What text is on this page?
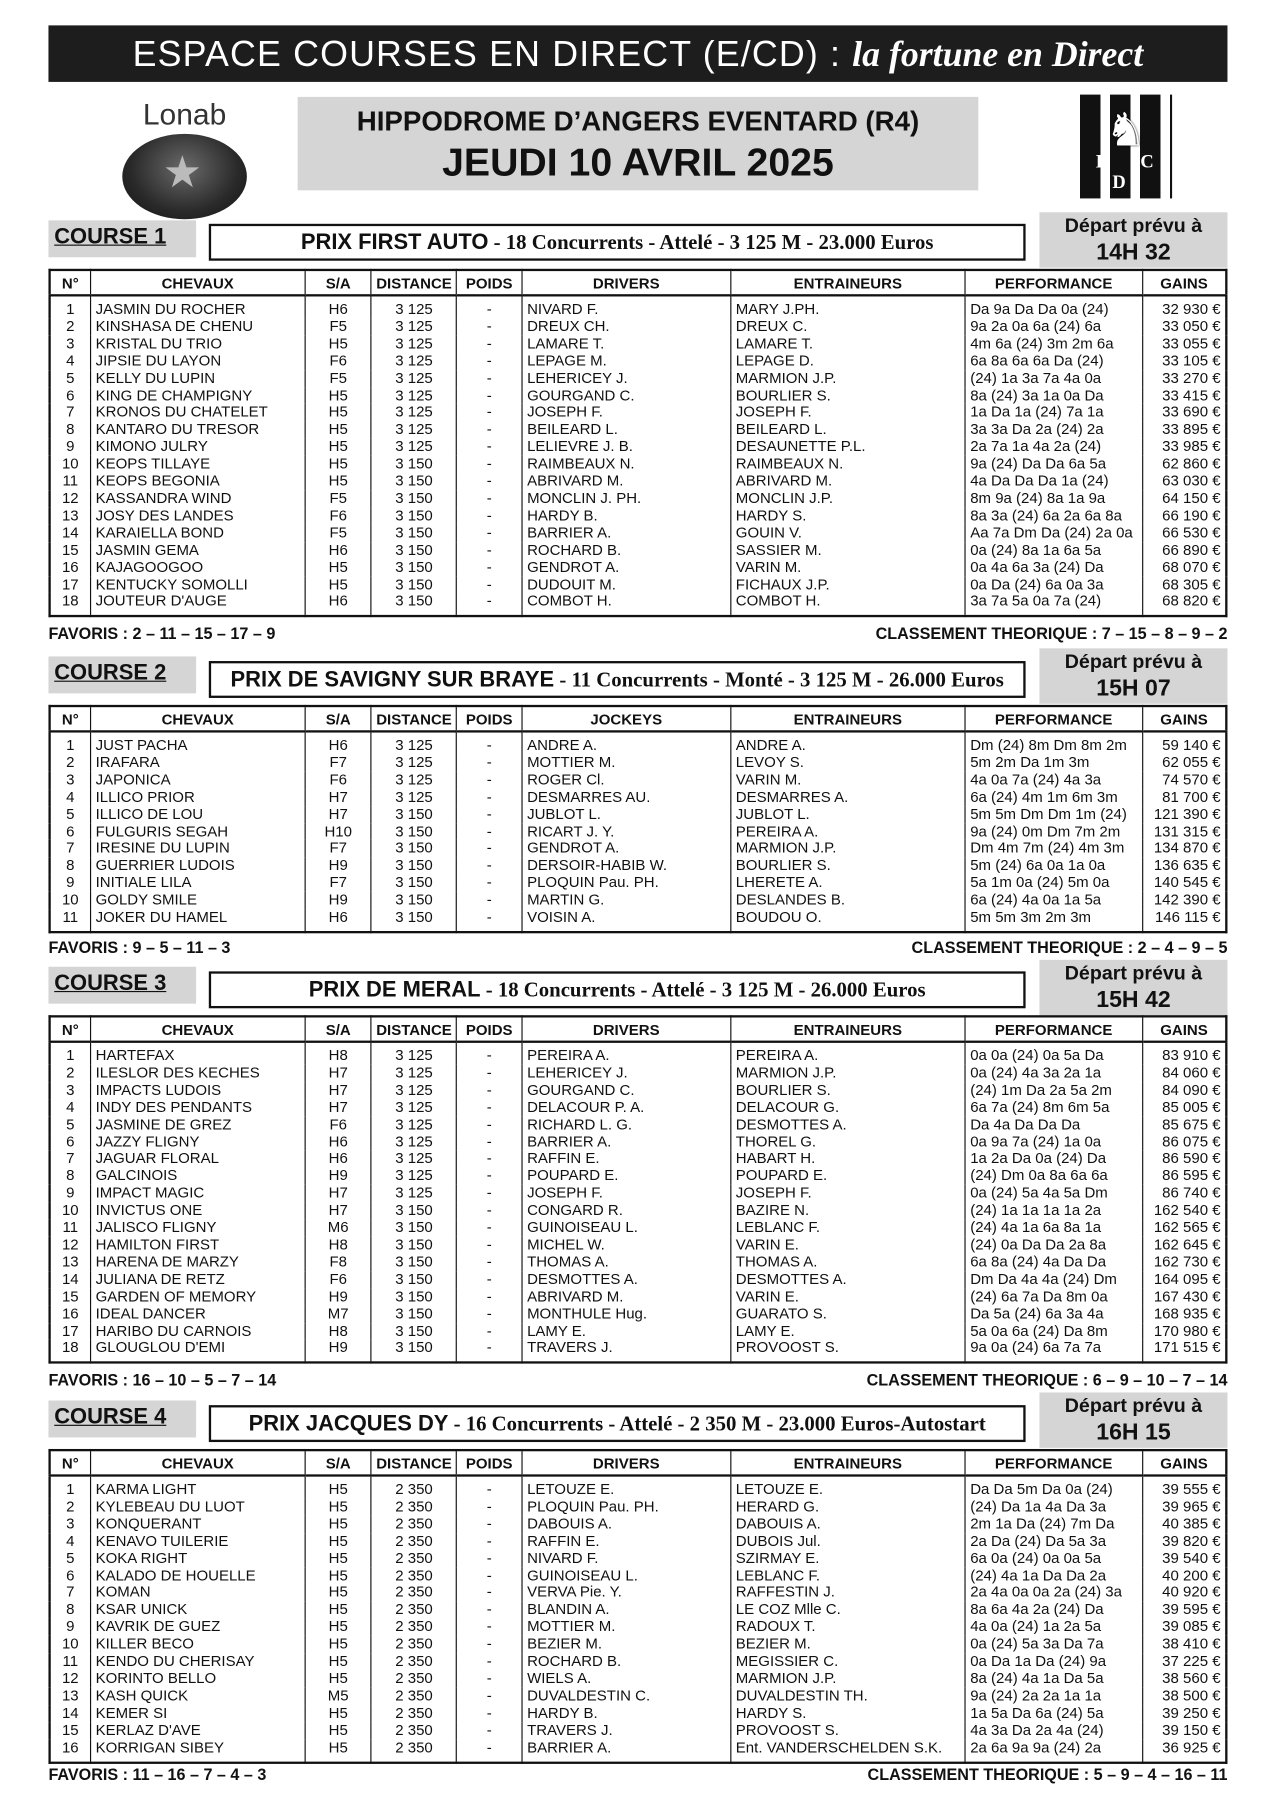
ESPACE COURSES EN DIRECT (E/CD) : la fortune en Direct
Lonab
★
HIPPODROME D’ANGERS EVENTARD (R4)
JEUDI 10 AVRIL 2025
♞
E C D
COURSE 1	PRIX FIRST AUTO - 18 Concurrents - Attelé - 3 125 M - 23.000 Euros
Départ prévu à
14H 32
N°	CHEVAUX	S/A	DISTANCE	POIDS	DRIVERS	ENTRAINEURS	PERFORMANCE	GAINS
1	JASMIN DU ROCHER	H6	3 125	-	NIVARD F.	MARY J.PH.	Da 9a Da Da 0a (24)	32 930 €
2	KINSHASA DE CHENU	F5	3 125	-	DREUX CH.	DREUX C.	9a 2a 0a 6a (24) 6a	33 050 €
3	KRISTAL DU TRIO	H5	3 125	-	LAMARE T.	LAMARE T.	4m 6a (24) 3m 2m 6a	33 055 €
4	JIPSIE DU LAYON	F6	3 125	-	LEPAGE M.	LEPAGE D.	6a 8a 6a 6a Da (24)	33 105 €
5	KELLY DU LUPIN	F5	3 125	-	LEHERICEY J.	MARMION J.P.	(24) 1a 3a 7a 4a 0a	33 270 €
6	KING DE CHAMPIGNY	H5	3 125	-	GOURGAND C.	BOURLIER S.	8a (24) 3a 1a 0a Da	33 415 €
7	KRONOS DU CHATELET	H5	3 125	-	JOSEPH F.	JOSEPH F.	1a Da 1a (24) 7a 1a	33 690 €
8	KANTARO DU TRESOR	H5	3 125	-	BEILEARD L.	BEILEARD L.	3a 3a Da 2a (24) 2a	33 895 €
9	KIMONO JULRY	H5	3 125	-	LELIEVRE J. B.	DESAUNETTE P.L.	2a 7a 1a 4a 2a (24)	33 985 €
10	KEOPS TILLAYE	H5	3 150	-	RAIMBEAUX N.	RAIMBEAUX N.	9a (24) Da Da 6a 5a	62 860 €
11	KEOPS BEGONIA	H5	3 150	-	ABRIVARD M.	ABRIVARD M.	4a Da Da Da 1a (24)	63 030 €
12	KASSANDRA WIND	F5	3 150	-	MONCLIN J. PH.	MONCLIN J.P.	8m 9a (24) 8a 1a 9a	64 150 €
13	JOSY DES LANDES	F6	3 150	-	HARDY B.	HARDY S.	8a 3a (24) 6a 2a 6a 8a	66 190 €
14	KARAIELLA BOND	F5	3 150	-	BARRIER A.	GOUIN V.	Aa 7a Dm Da (24) 2a 0a	66 530 €
15	JASMIN GEMA	H6	3 150	-	ROCHARD B.	SASSIER M.	0a (24) 8a 1a 6a 5a	66 890 €
16	KAJAGOOGOO	H5	3 150	-	GENDROT A.	VARIN M.	0a 4a 6a 3a (24) Da	68 070 €
17	KENTUCKY SOMOLLI	H5	3 150	-	DUDOUIT M.	FICHAUX J.P.	0a Da (24) 6a 0a 3a	68 305 €
18	JOUTEUR D'AUGE	H6	3 150	-	COMBOT H.	COMBOT H.	3a 7a 5a 0a 7a (24)	68 820 €
FAVORIS : 2 – 11 – 15 – 17 – 9	CLASSEMENT THEORIQUE : 7 – 15 – 8 – 9 – 2
COURSE 2	PRIX DE SAVIGNY SUR BRAYE - 11 Concurrents - Monté - 3 125 M - 26.000 Euros
Départ prévu à
15H 07
N°	CHEVAUX	S/A	DISTANCE	POIDS	JOCKEYS	ENTRAINEURS	PERFORMANCE	GAINS
1	JUST PACHA	H6	3 125	-	ANDRE A.	ANDRE A.	Dm (24) 8m Dm 8m 2m	59 140 €
2	IRAFARA	F7	3 125	-	MOTTIER M.	LEVOY S.	5m 2m Da 1m 3m	62 055 €
3	JAPONICA	F6	3 125	-	ROGER Cl.	VARIN M.	4a 0a 7a (24) 4a 3a	74 570 €
4	ILLICO PRIOR	H7	3 125	-	DESMARRES AU.	DESMARRES A.	6a (24) 4m 1m 6m 3m	81 700 €
5	ILLICO DE LOU	H7	3 150	-	JUBLOT L.	JUBLOT L.	5m 5m Dm Dm 1m (24)	121 390 €
6	FULGURIS SEGAH	H10	3 150	-	RICART J. Y.	PEREIRA A.	9a (24) 0m Dm 7m 2m	131 315 €
7	IRESINE DU LUPIN	F7	3 150	-	GENDROT A.	MARMION J.P.	Dm 4m 7m (24) 4m 3m	134 870 €
8	GUERRIER LUDOIS	H9	3 150	-	DERSOIR-HABIB W.	BOURLIER S.	5m (24) 6a 0a 1a 0a	136 635 €
9	INITIALE LILA	F7	3 150	-	PLOQUIN Pau. PH.	LHERETE A.	5a 1m 0a (24) 5m 0a	140 545 €
10	GOLDY SMILE	H9	3 150	-	MARTIN G.	DESLANDES B.	6a (24) 4a 0a 1a 5a	142 390 €
11	JOKER DU HAMEL	H6	3 150	-	VOISIN A.	BOUDOU O.	5m 5m 3m 2m 3m	146 115 €
FAVORIS : 9 – 5 – 11 – 3	CLASSEMENT THEORIQUE : 2 – 4 – 9 – 5
COURSE 3	PRIX DE MERAL - 18 Concurrents - Attelé - 3 125 M - 26.000 Euros
Départ prévu à
15H 42
N°	CHEVAUX	S/A	DISTANCE	POIDS	DRIVERS	ENTRAINEURS	PERFORMANCE	GAINS
1	HARTEFAX	H8	3 125	-	PEREIRA A.	PEREIRA A.	0a 0a (24) 0a 5a Da	83 910 €
2	ILESLOR DES KECHES	H7	3 125	-	LEHERICEY J.	MARMION J.P.	0a (24) 4a 3a 2a 1a	84 060 €
3	IMPACTS LUDOIS	H7	3 125	-	GOURGAND C.	BOURLIER S.	(24) 1m Da 2a 5a 2m	84 090 €
4	INDY DES PENDANTS	H7	3 125	-	DELACOUR P. A.	DELACOUR G.	6a 7a (24) 8m 6m 5a	85 005 €
5	JASMINE DE GREZ	F6	3 125	-	RICHARD L. G.	DESMOTTES A.	Da 4a Da Da Da	85 675 €
6	JAZZY FLIGNY	H6	3 125	-	BARRIER A.	THOREL G.	0a 9a 7a (24) 1a 0a	86 075 €
7	JAGUAR FLORAL	H6	3 125	-	RAFFIN E.	HABART H.	1a 2a Da 0a (24) Da	86 590 €
8	GALCINOIS	H9	3 125	-	POUPARD E.	POUPARD E.	(24) Dm 0a 8a 6a 6a	86 595 €
9	IMPACT MAGIC	H7	3 125	-	JOSEPH F.	JOSEPH F.	0a (24) 5a 4a 5a Dm	86 740 €
10	INVICTUS ONE	H7	3 150	-	CONGARD R.	BAZIRE N.	(24) 1a 1a 1a 1a 2a	162 540 €
11	JALISCO FLIGNY	M6	3 150	-	GUINOISEAU L.	LEBLANC F.	(24) 4a 1a 6a 8a 1a	162 565 €
12	HAMILTON FIRST	H8	3 150	-	MICHEL W.	VARIN E.	(24) 0a Da Da 2a 8a	162 645 €
13	HARENA DE MARZY	F8	3 150	-	THOMAS A.	THOMAS A.	6a 8a (24) 4a Da Da	162 730 €
14	JULIANA DE RETZ	F6	3 150	-	DESMOTTES A.	DESMOTTES A.	Dm Da 4a 4a (24) Dm	164 095 €
15	GARDEN OF MEMORY	H9	3 150	-	ABRIVARD M.	VARIN E.	(24) 6a 7a Da 8m 0a	167 430 €
16	IDEAL DANCER	M7	3 150	-	MONTHULE Hug.	GUARATO S.	Da 5a (24) 6a 3a 4a	168 935 €
17	HARIBO DU CARNOIS	H8	3 150	-	LAMY E.	LAMY E.	5a 0a 6a (24) Da 8m	170 980 €
18	GLOUGLOU D'EMI	H9	3 150	-	TRAVERS J.	PROVOOST S.	9a 0a (24) 6a 7a 7a	171 515 €
FAVORIS : 16 – 10 – 5 – 7 – 14	CLASSEMENT THEORIQUE : 6 – 9 – 10 – 7 – 14
COURSE 4	PRIX JACQUES DY - 16 Concurrents - Attelé - 2 350 M - 23.000 Euros-Autostart
Départ prévu à
16H 15
N°	CHEVAUX	S/A	DISTANCE	POIDS	DRIVERS	ENTRAINEURS	PERFORMANCE	GAINS
1	KARMA LIGHT	H5	2 350	-	LETOUZE E.	LETOUZE E.	Da Da 5m Da 0a (24)	39 555 €
2	KYLEBEAU DU LUOT	H5	2 350	-	PLOQUIN Pau. PH.	HERARD G.	(24) Da 1a 4a Da 3a	39 965 €
3	KONQUERANT	H5	2 350	-	DABOUIS A.	DABOUIS A.	2m 1a Da (24) 7m Da	40 385 €
4	KENAVO TUILERIE	H5	2 350	-	RAFFIN E.	DUBOIS Jul.	2a Da (24) Da 5a 3a	39 820 €
5	KOKA RIGHT	H5	2 350	-	NIVARD F.	SZIRMAY E.	6a 0a (24) 0a 0a 5a	39 540 €
6	KALADO DE HOUELLE	H5	2 350	-	GUINOISEAU L.	LEBLANC F.	(24) 4a 1a Da Da 2a	40 200 €
7	KOMAN	H5	2 350	-	VERVA Pie. Y.	RAFFESTIN J.	2a 4a 0a 0a 2a (24) 3a	40 920 €
8	KSAR UNICK	H5	2 350	-	BLANDIN A.	LE COZ Mlle C.	8a 6a 4a 2a (24) Da	39 595 €
9	KAVRIK DE GUEZ	H5	2 350	-	MOTTIER M.	RADOUX T.	4a 0a (24) 1a 2a 5a	39 085 €
10	KILLER BECO	H5	2 350	-	BEZIER M.	BEZIER M.	0a (24) 5a 3a Da 7a	38 410 €
11	KENDO DU CHERISAY	H5	2 350	-	ROCHARD B.	MEGISSIER C.	0a Da 1a Da (24) 9a	37 225 €
12	KORINTO BELLO	H5	2 350	-	WIELS A.	MARMION J.P.	8a (24) 4a 1a Da 5a	38 560 €
13	KASH QUICK	M5	2 350	-	DUVALDESTIN C.	DUVALDESTIN TH.	9a (24) 2a 2a 1a 1a	38 500 €
14	KEMER SI	H5	2 350	-	HARDY B.	HARDY S.	1a 5a Da 6a (24) 5a	39 250 €
15	KERLAZ D'AVE	H5	2 350	-	TRAVERS J.	PROVOOST S.	4a 3a Da 2a 4a (24)	39 150 €
16	KORRIGAN SIBEY	H5	2 350	-	BARRIER A.	Ent. VANDERSCHELDEN S.K.	2a 6a 9a 9a (24) 2a	36 925 €
FAVORIS : 11 – 16 – 7 – 4 – 3	CLASSEMENT THEORIQUE : 5 – 9 – 4 – 16 – 11
